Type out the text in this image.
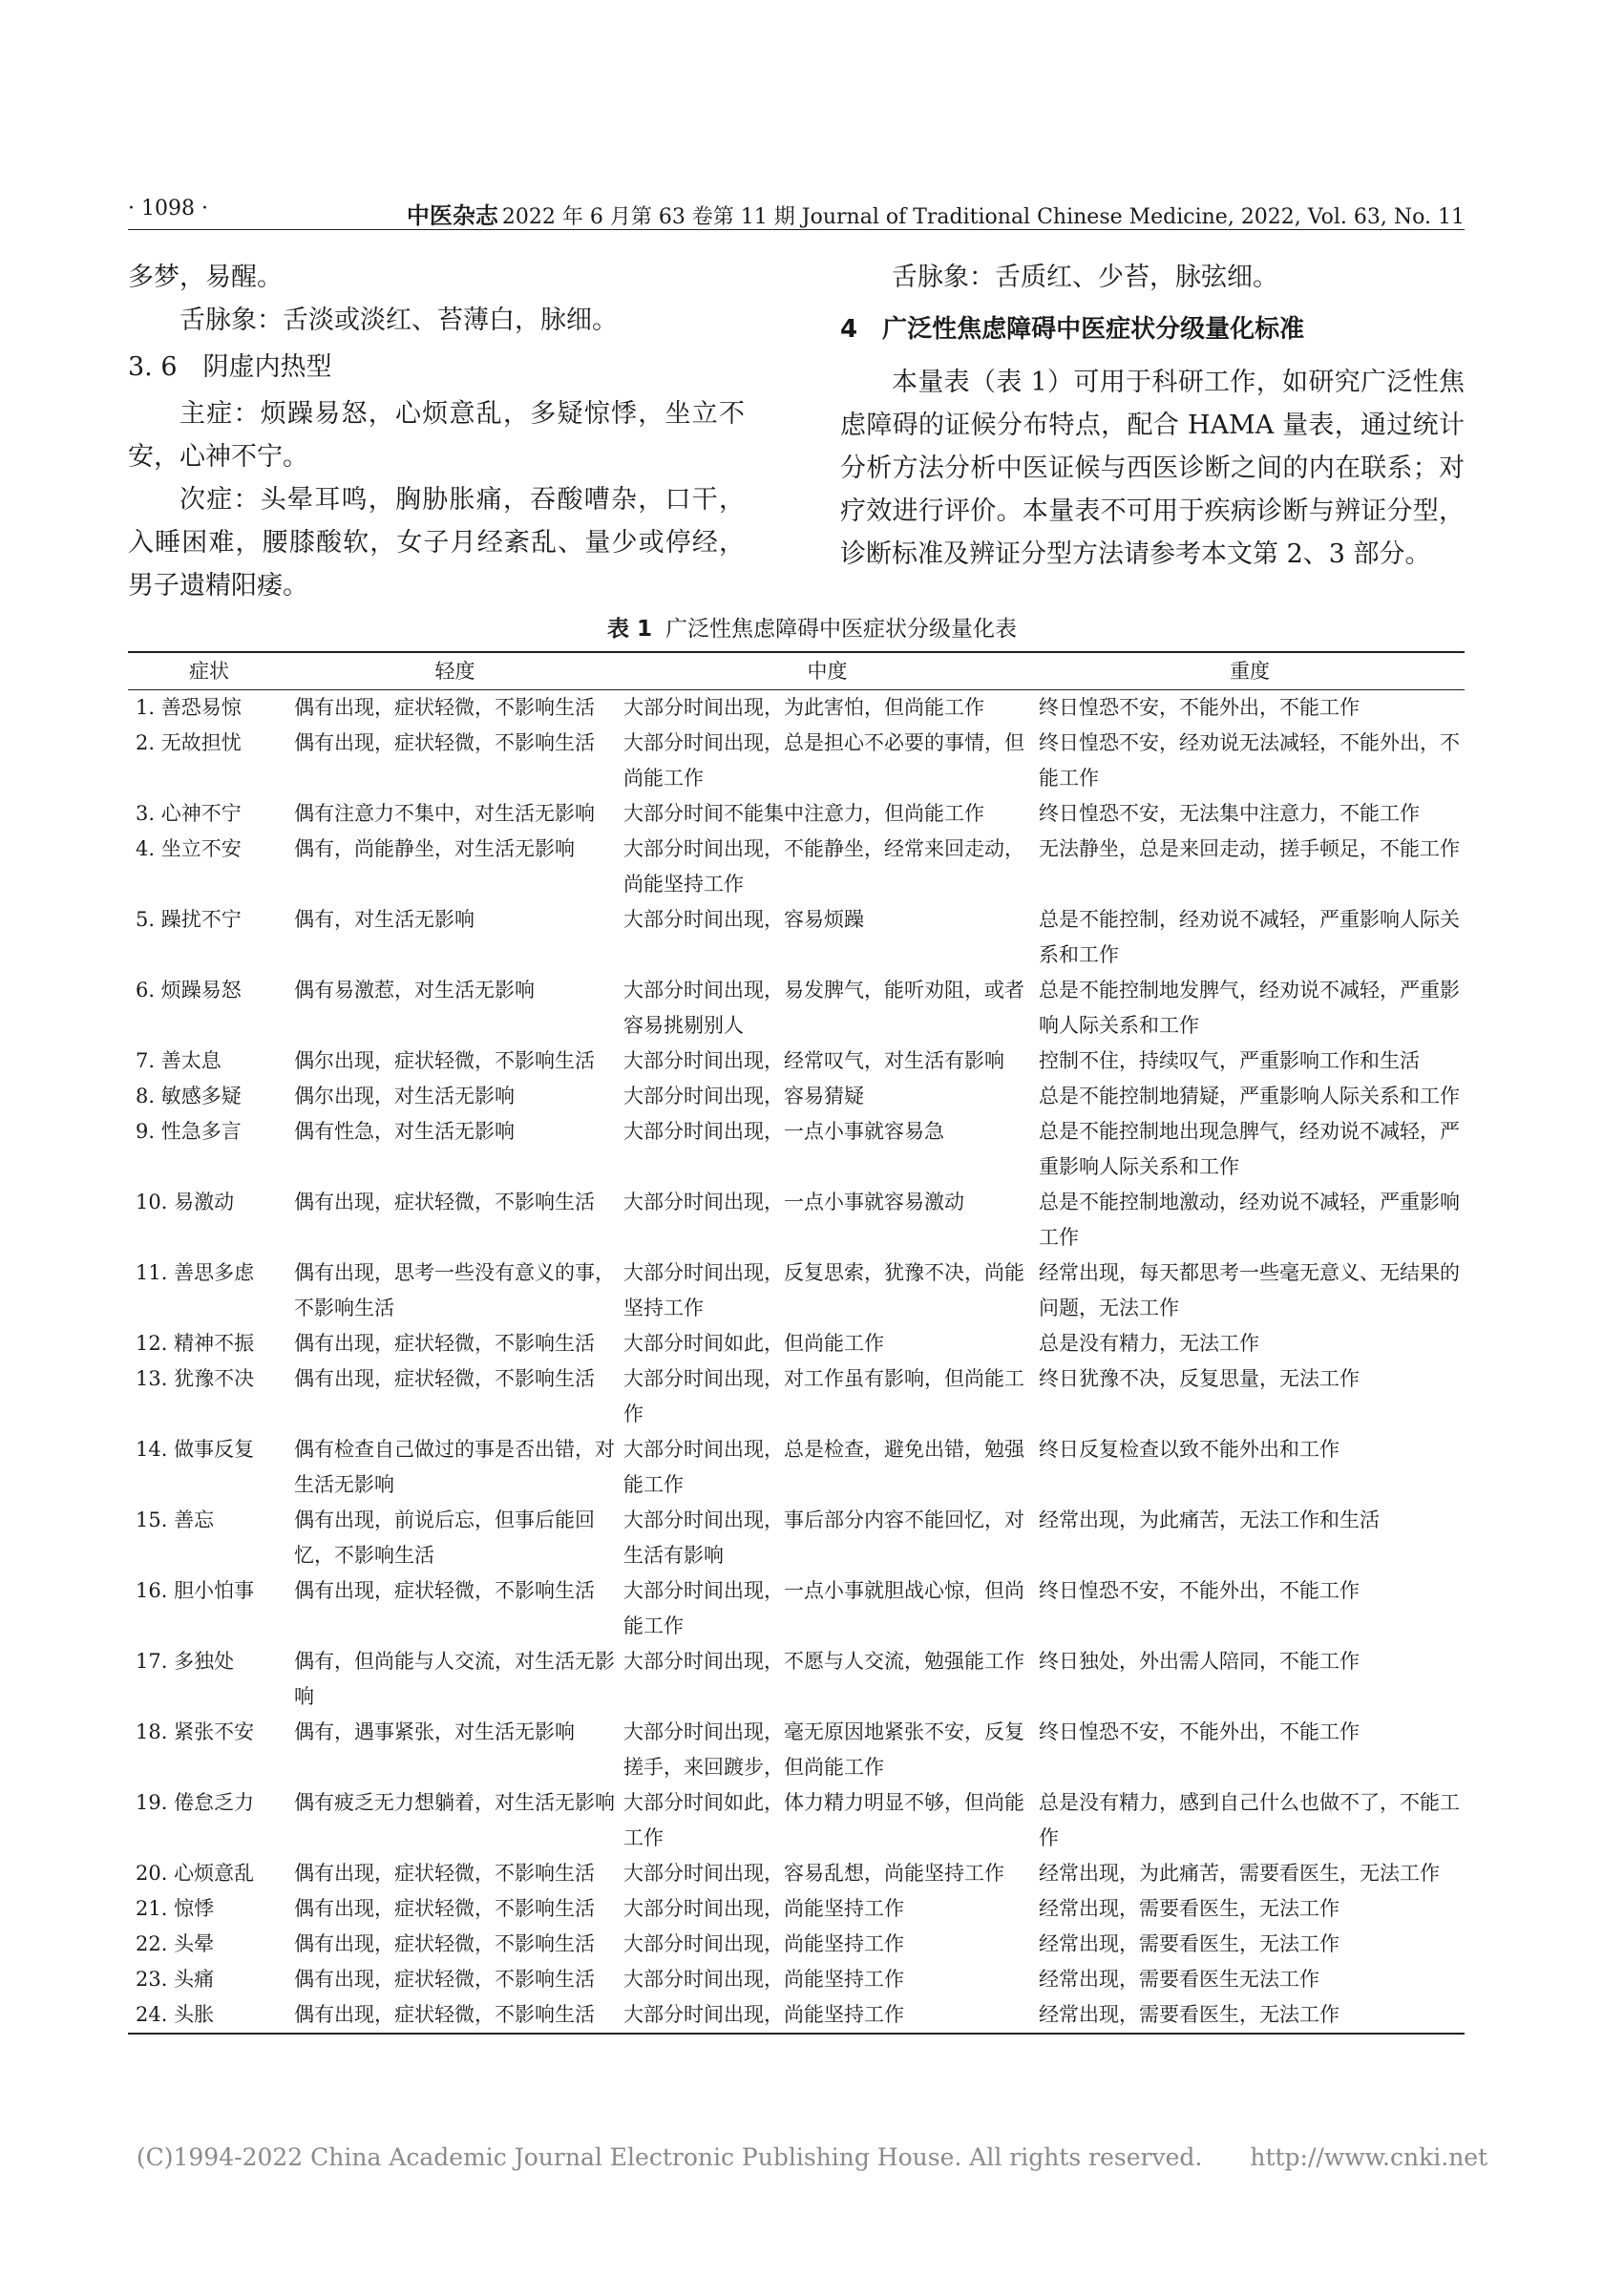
· 1098 ·	中医杂志 2022 年 6 月第 63 卷第 11 期 Journal of Traditional Chinese Medicine, 2022, Vol. 63, No. 11

多梦，易醒。

舌脉象：舌淡或淡红、苔薄白，脉细。

3. 6　阴虚内热型

主症：烦躁易怒，心烦意乱，多疑惊悸，坐立不安，心神不宁。

次症：头晕耳鸣，胸胁胀痛，吞酸嘈杂，口干，入睡困难，腰膝酸软，女子月经紊乱、量少或停经，男子遗精阳痿。

舌脉象：舌质红、少苔，脉弦细。

4　广泛性焦虑障碍中医症状分级量化标准

本量表（表 1）可用于科研工作，如研究广泛性焦虑障碍的证候分布特点，配合 HAMA 量表，通过统计分析方法分析中医证候与西医诊断之间的内在联系；对疗效进行评价。本量表不可用于疾病诊断与辨证分型，诊断标准及辨证分型方法请参考本文第 2、3 部分。

表 1 广泛性焦虑障碍中医症状分级量化表
症状	轻度	中度	重度
1. 善恐易惊	偶有出现，症状轻微，不影响生活	大部分时间出现，为此害怕，但尚能工作	终日惶恐不安，不能外出，不能工作
2. 无故担忧	偶有出现，症状轻微，不影响生活	大部分时间出现，总是担心不必要的事情，但尚能工作	终日惶恐不安，经劝说无法减轻，不能外出，不能工作
3. 心神不宁	偶有注意力不集中，对生活无影响	大部分时间不能集中注意力，但尚能工作	终日惶恐不安，无法集中注意力，不能工作
4. 坐立不安	偶有，尚能静坐，对生活无影响	大部分时间出现，不能静坐，经常来回走动，尚能坚持工作	无法静坐，总是来回走动，搓手顿足，不能工作
5. 躁扰不宁	偶有，对生活无影响	大部分时间出现，容易烦躁	总是不能控制，经劝说不减轻，严重影响人际关系和工作
6. 烦躁易怒	偶有易激惹，对生活无影响	大部分时间出现，易发脾气，能听劝阻，或者容易挑剔别人	总是不能控制地发脾气，经劝说不减轻，严重影响人际关系和工作
7. 善太息	偶尔出现，症状轻微，不影响生活	大部分时间出现，经常叹气，对生活有影响	控制不住，持续叹气，严重影响工作和生活
8. 敏感多疑	偶尔出现，对生活无影响	大部分时间出现，容易猜疑	总是不能控制地猜疑，严重影响人际关系和工作
9. 性急多言	偶有性急，对生活无影响	大部分时间出现，一点小事就容易急	总是不能控制地出现急脾气，经劝说不减轻，严重影响人际关系和工作
10. 易激动	偶有出现，症状轻微，不影响生活	大部分时间出现，一点小事就容易激动	总是不能控制地激动，经劝说不减轻，严重影响工作
11. 善思多虑	偶有出现，思考一些没有意义的事，不影响生活	大部分时间出现，反复思索，犹豫不决，尚能坚持工作	经常出现，每天都思考一些毫无意义、无结果的问题，无法工作
12. 精神不振	偶有出现，症状轻微，不影响生活	大部分时间如此，但尚能工作	总是没有精力，无法工作
13. 犹豫不决	偶有出现，症状轻微，不影响生活	大部分时间出现，对工作虽有影响，但尚能工作	终日犹豫不决，反复思量，无法工作
14. 做事反复	偶有检查自己做过的事是否出错，对生活无影响	大部分时间出现，总是检查，避免出错，勉强能工作	终日反复检查以致不能外出和工作
15. 善忘	偶有出现，前说后忘，但事后能回忆，不影响生活	大部分时间出现，事后部分内容不能回忆，对生活有影响	经常出现，为此痛苦，无法工作和生活
16. 胆小怕事	偶有出现，症状轻微，不影响生活	大部分时间出现，一点小事就胆战心惊，但尚能工作	终日惶恐不安，不能外出，不能工作
17. 多独处	偶有，但尚能与人交流，对生活无影响	大部分时间出现，不愿与人交流，勉强能工作	终日独处，外出需人陪同，不能工作
18. 紧张不安	偶有，遇事紧张，对生活无影响	大部分时间出现，毫无原因地紧张不安，反复搓手，来回踱步，但尚能工作	终日惶恐不安，不能外出，不能工作
19. 倦怠乏力	偶有疲乏无力想躺着，对生活无影响	大部分时间如此，体力精力明显不够，但尚能工作	总是没有精力，感到自己什么也做不了，不能工作
20. 心烦意乱	偶有出现，症状轻微，不影响生活	大部分时间出现，容易乱想，尚能坚持工作	经常出现，为此痛苦，需要看医生，无法工作
21. 惊悸	偶有出现，症状轻微，不影响生活	大部分时间出现，尚能坚持工作	经常出现，需要看医生，无法工作
22. 头晕	偶有出现，症状轻微，不影响生活	大部分时间出现，尚能坚持工作	经常出现，需要看医生，无法工作
23. 头痛	偶有出现，症状轻微，不影响生活	大部分时间出现，尚能坚持工作	经常出现，需要看医生无法工作
24. 头胀	偶有出现，症状轻微，不影响生活	大部分时间出现，尚能坚持工作	经常出现，需要看医生，无法工作
(C)1994-2022 China Academic Journal Electronic Publishing House. All rights reserved.　　http://www.cnki.net
